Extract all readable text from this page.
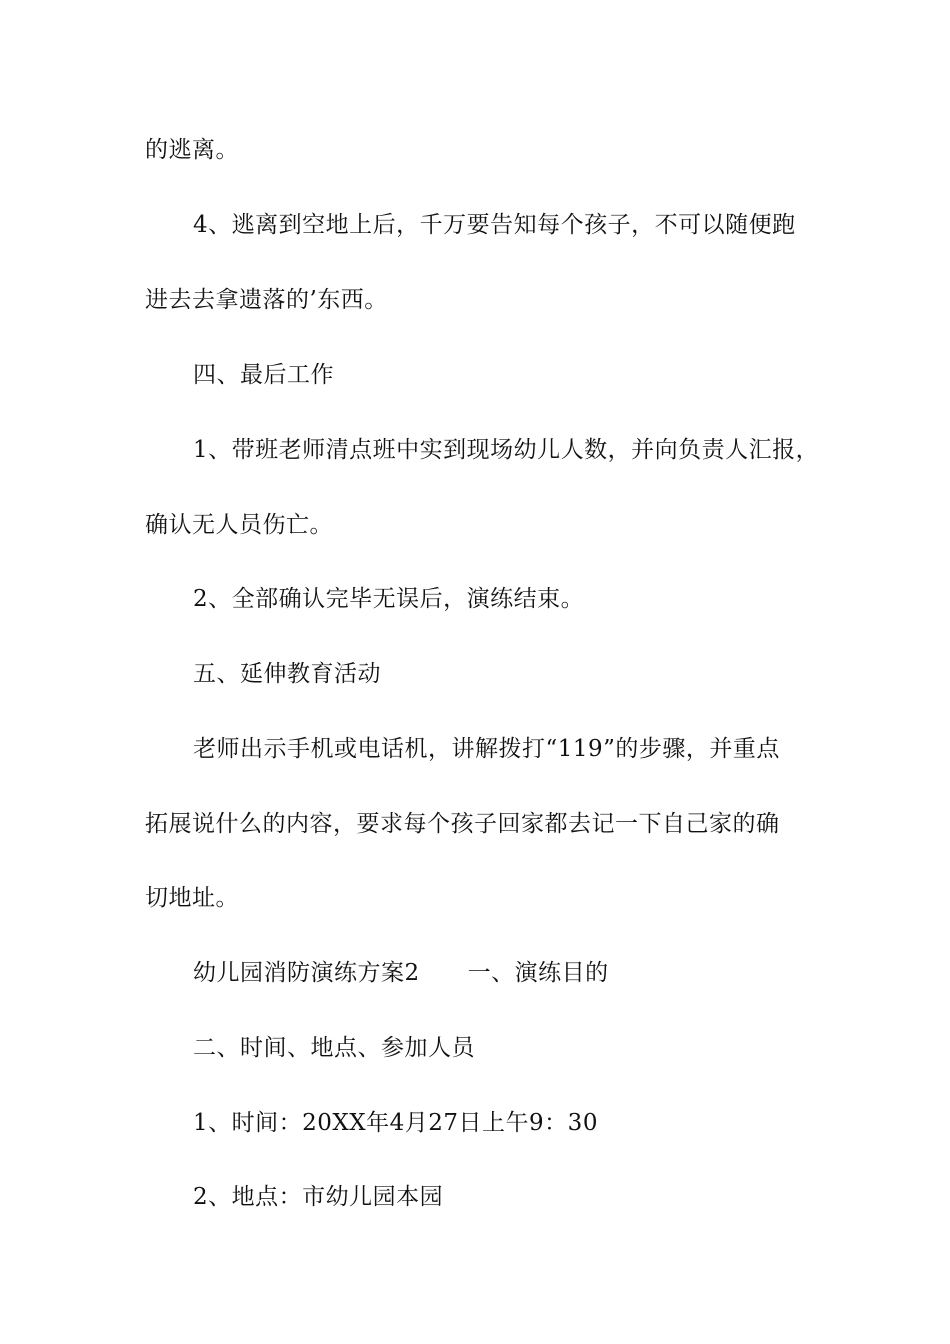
的逃离。
4、逃离到空地上后，千万要告知每个孩子，不可以随便跑
进去去拿遗落的’东西。
四、最后工作
1、带班老师清点班中实到现场幼儿人数，并向负责人汇报，
确认无人员伤亡。
2、全部确认完毕无误后，演练结束。
五、延伸教育活动
老师出示手机或电话机，讲解拨打“119”的步骤，并重点
拓展说什么的内容，要求每个孩子回家都去记一下自己家的确
切地址。
幼儿园消防演练方案2 一、演练目的
二、时间、地点、参加人员
1、时间：20XX年4月27日上午9：30
2、地点：市幼儿园本园
